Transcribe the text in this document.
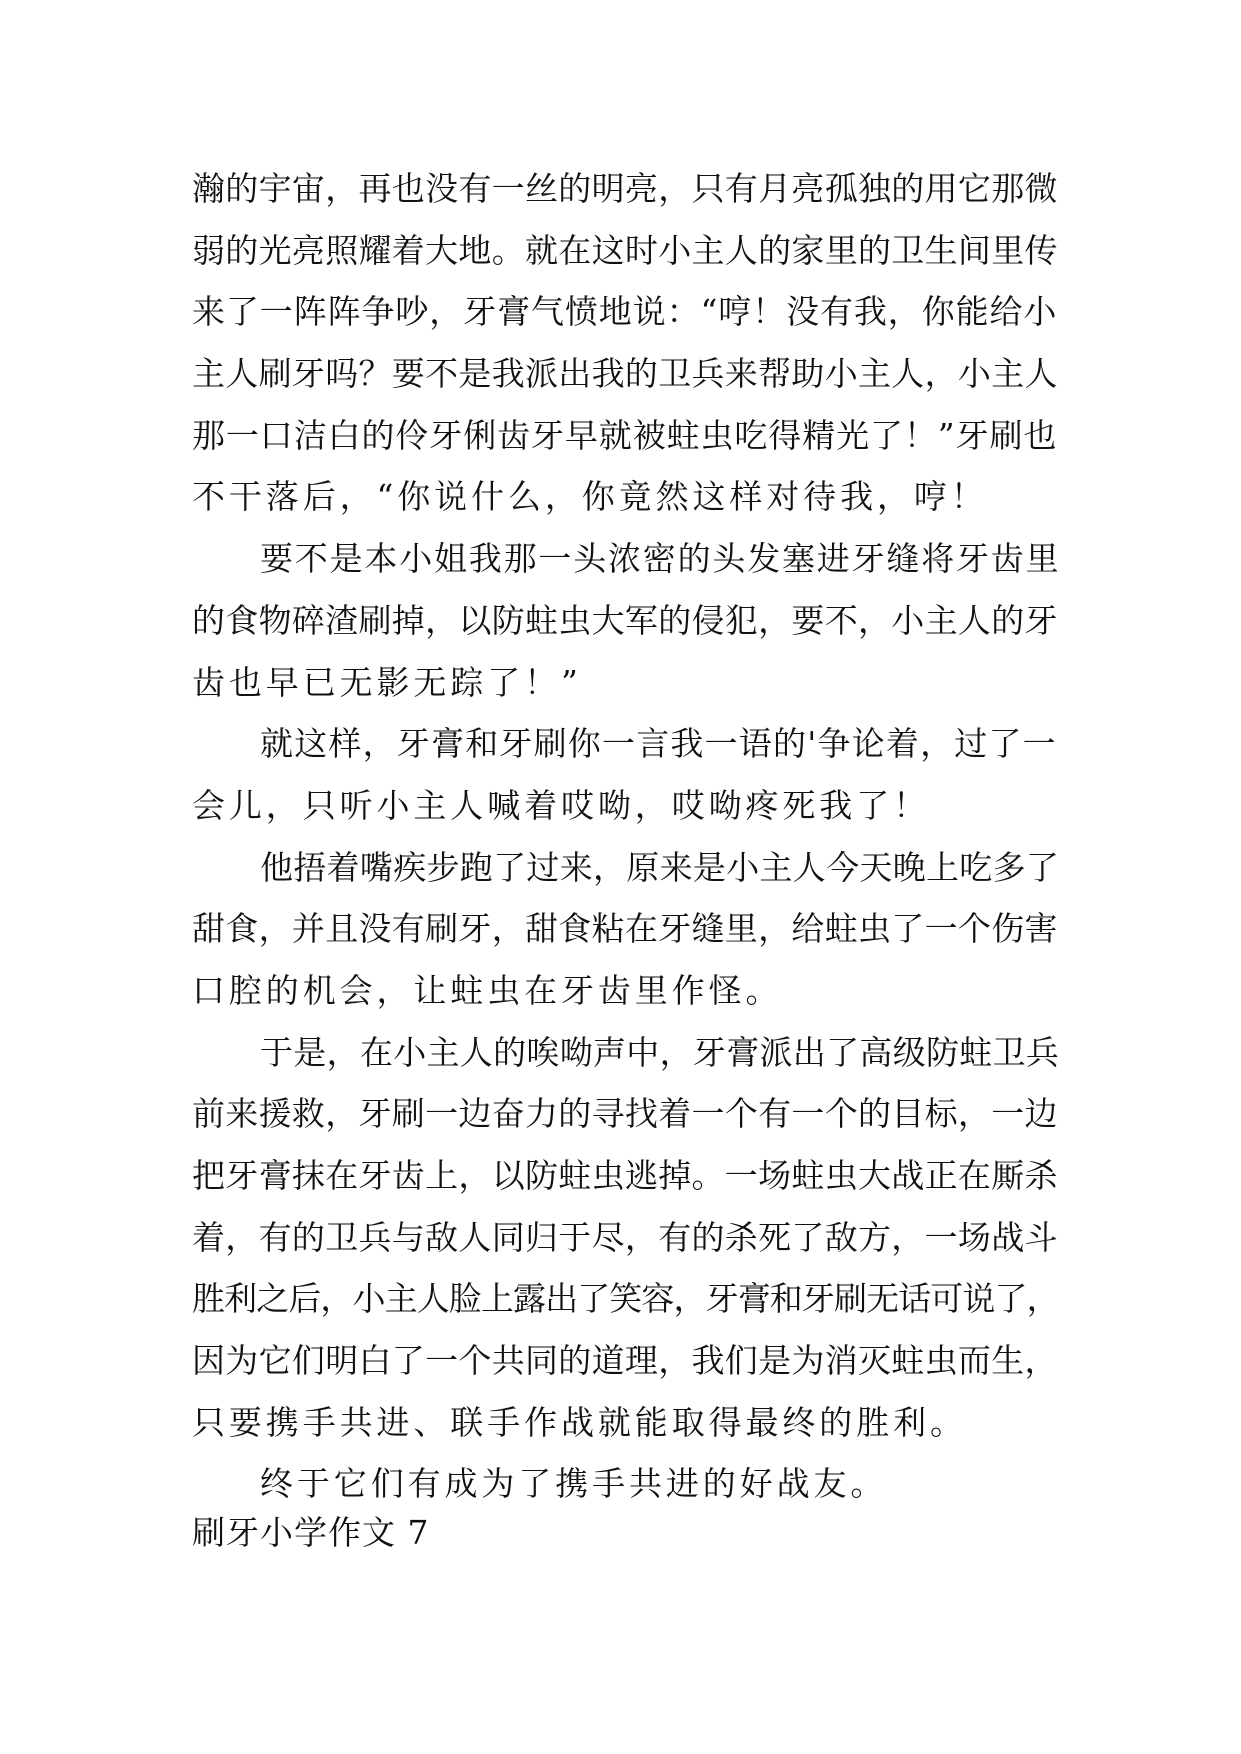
瀚的宇宙，再也没有一丝的明亮，只有月亮孤独的用它那微
弱的光亮照耀着大地。就在这时小主人的家里的卫生间里传
来了一阵阵争吵，牙膏气愤地说：“哼！没有我，你能给小
主人刷牙吗？要不是我派出我的卫兵来帮助小主人，小主人
那一口洁白的伶牙俐齿牙早就被蛀虫吃得精光了！”牙刷也
不干落后，“你说什么，你竟然这样对待我，哼！
要不是本小姐我那一头浓密的头发塞进牙缝将牙齿里
的食物碎渣刷掉，以防蛀虫大军的侵犯，要不，小主人的牙
齿也早已无影无踪了！”
就这样，牙膏和牙刷你一言我一语的'争论着，过了一
会儿，只听小主人喊着哎呦，哎呦疼死我了！
他捂着嘴疾步跑了过来，原来是小主人今天晚上吃多了
甜食，并且没有刷牙，甜食粘在牙缝里，给蛀虫了一个伤害
口腔的机会，让蛀虫在牙齿里作怪。
于是，在小主人的唉呦声中，牙膏派出了高级防蛀卫兵
前来援救，牙刷一边奋力的寻找着一个有一个的目标，一边
把牙膏抹在牙齿上，以防蛀虫逃掉。一场蛀虫大战正在厮杀
着，有的卫兵与敌人同归于尽，有的杀死了敌方，一场战斗
胜利之后，小主人脸上露出了笑容，牙膏和牙刷无话可说了，
因为它们明白了一个共同的道理，我们是为消灭蛀虫而生，
只要携手共进、联手作战就能取得最终的胜利。
终于它们有成为了携手共进的好战友。
刷牙小学作文 7
